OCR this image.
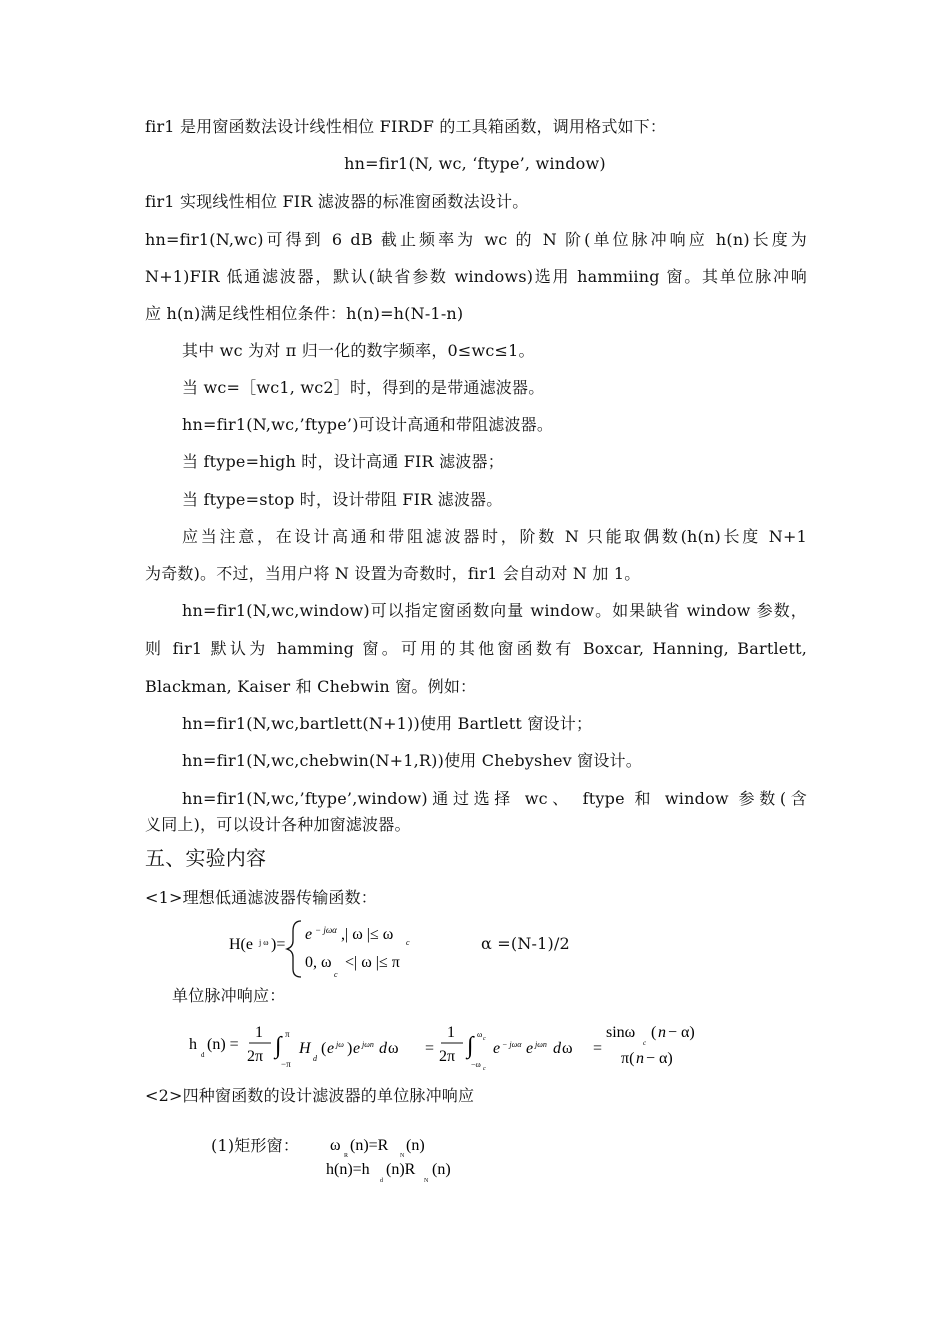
fir1 是用窗函数法设计线性相位 FIRDF 的工具箱函数，调用格式如下：
hn=fir1(N, wc, ‘ftype’, window)
fir1 实现线性相位 FIR 滤波器的标准窗函数法设计。
hn=fir1(N,wc)可得到 6 dB 截止频率为 wc 的 N 阶(单位脉冲响应 h(n)长度为
N+1)FIR 低通滤波器，默认(缺省参数 windows)选用 hammiing 窗。其单位脉冲响
应 h(n)满足线性相位条件：h(n)=h(N-1-n)
其中 wc 为对 π 归一化的数字频率，0≤wc≤1。
当 wc=［wc1, wc2］时，得到的是带通滤波器。
hn=fir1(N,wc,’ftype’)可设计高通和带阻滤波器。
当 ftype=high 时，设计高通 FIR 滤波器；
当 ftype=stop 时，设计带阻 FIR 滤波器。
应当注意，在设计高通和带阻滤波器时，阶数 N 只能取偶数(h(n)长度 N+1
为奇数)。不过，当用户将 N 设置为奇数时，fir1 会自动对 N 加 1。
hn=fir1(N,wc,window)可以指定窗函数向量 window。如果缺省 window 参数，
则 fir1 默认为 hamming 窗。可用的其他窗函数有 Boxcar, Hanning, Bartlett,
Blackman, Kaiser 和 Chebwin 窗。例如：
hn=fir1(N,wc,bartlett(N+1))使用 Bartlett 窗设计；
hn=fir1(N,wc,chebwin(N+1,R))使用 Chebyshev 窗设计。
hn=fir1(N,wc,’ftype’,window)通过选择 wc、 ftype 和 window 参数(含
义同上)，可以设计各种加窗滤波器。
五、实验内容
<1>理想低通滤波器传输函数：
H(e j ω )=
e − jωα ,| ω |≤ ω c
0, ω
c
<| ω |≤ π
α =(N-1)/2
单位脉冲响应：
h
d
(n) =
1
2π ∫ π
−π
H
d
( e jω ) e jωn d ω =
1
2π ∫ ω c
−ω c
e − jωα e jωn d ω =
sinω
c
( n − α)
π( n − α)
<2>四种窗函数的设计滤波器的单位脉冲响应
(1)矩形窗： ω
R
(n)=R
N
(n)
h(n)=h
d
(n)R
N
(n)
